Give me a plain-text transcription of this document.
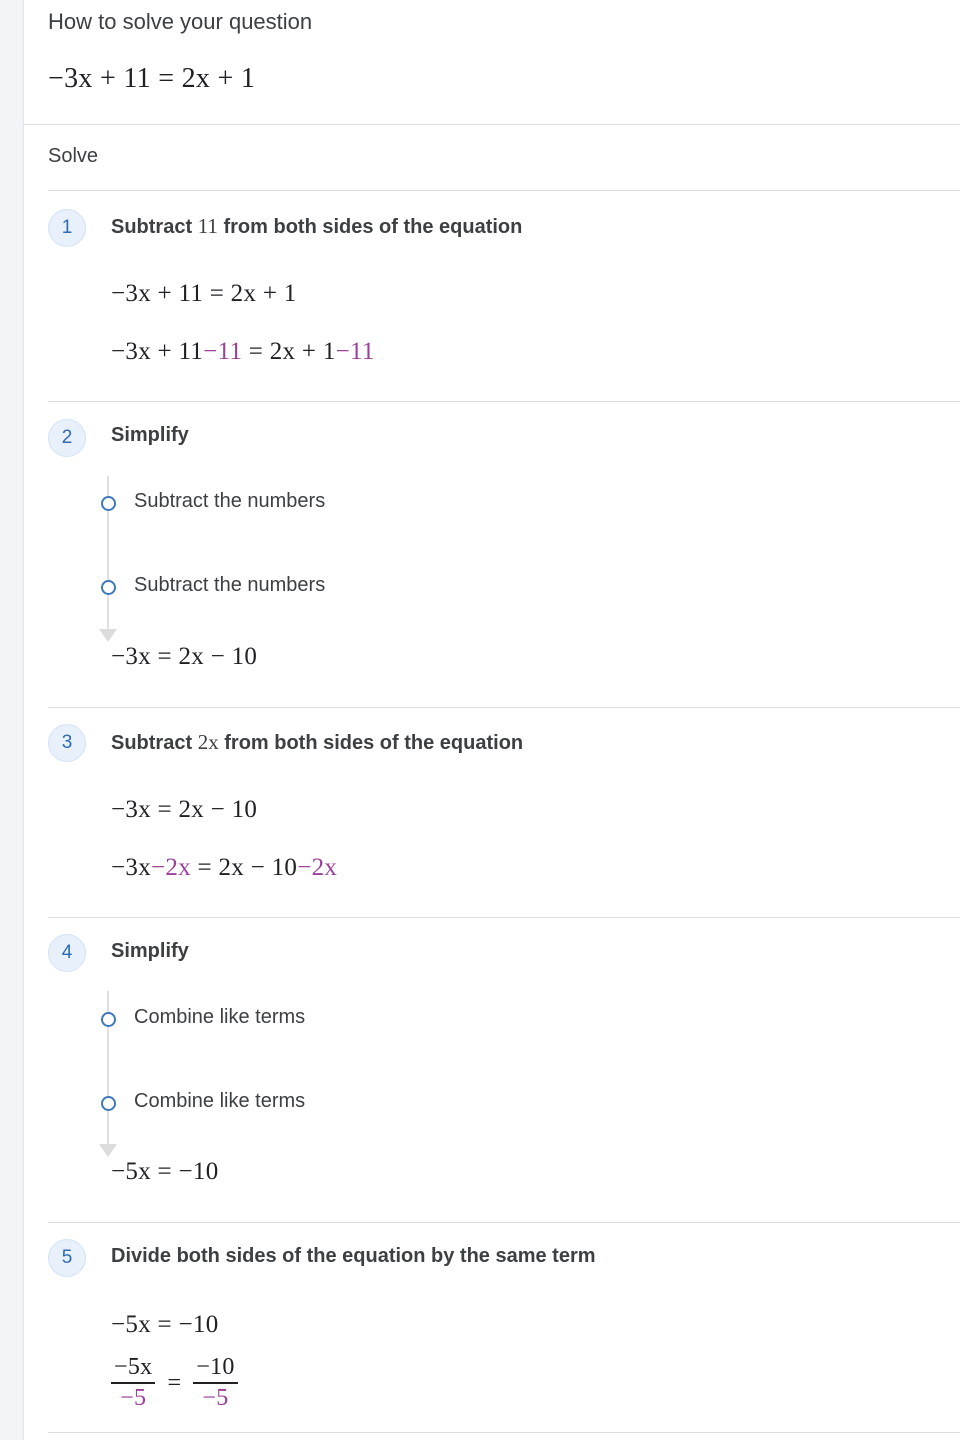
How to solve your question
−3x + 11 = 2x + 1
Solve
1	Subtract 11 from both sides of the equation
−3x + 11 = 2x + 1
−3x + 11−11 = 2x + 1−11
2	Simplify
Subtract the numbers
Subtract the numbers
−3x = 2x − 10
3	Subtract 2x from both sides of the equation
−3x = 2x − 10
−3x−2x = 2x − 10−2x
4	Simplify
Combine like terms
Combine like terms
−5x = −10
5	Divide both sides of the equation by the same term
−5x = −10
$\frac{-5x}{-5} = \frac{-10}{-5}$
